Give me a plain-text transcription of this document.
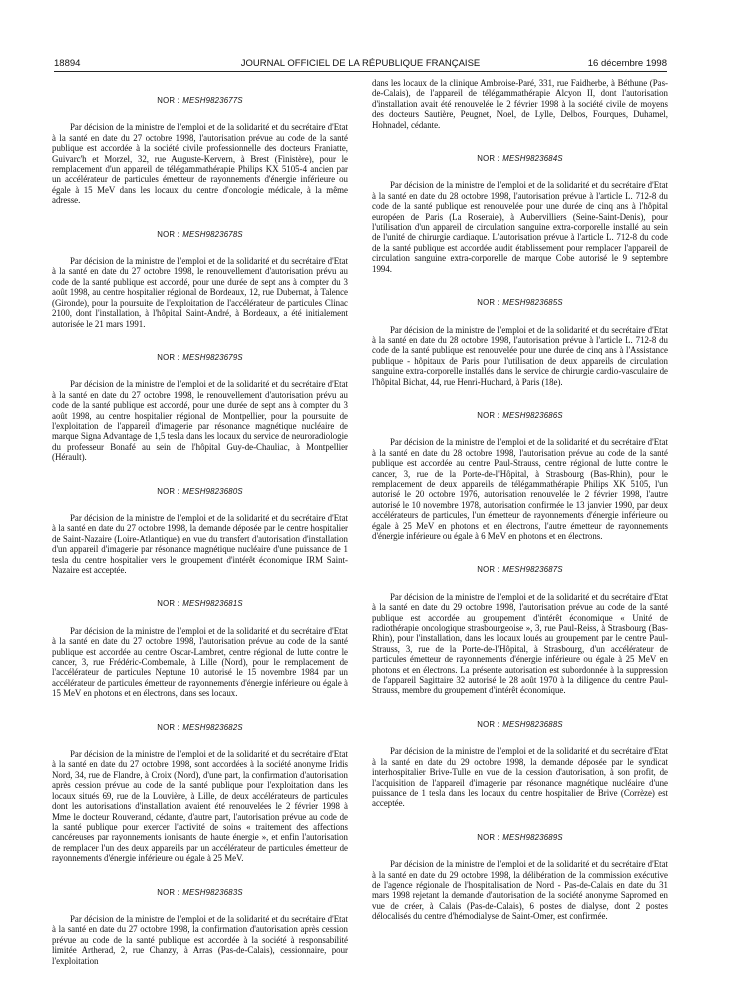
18894	JOURNAL OFFICIEL DE LA RÉPUBLIQUE FRANÇAISE	16 décembre 1998
NOR : MESH9823677S

Par décision de la ministre de l'emploi et de la solidarité et du secrétaire d'Etat à la santé en date du 27 octobre 1998, l'autorisation prévue au code de la santé publique est accordée à la société civile professionnelle des docteurs Franiatte, Guivarc'h et Morzel, 32, rue Auguste-Kervern, à Brest (Finistère), pour le remplacement d'un appareil de télégammathérapie Philips KX 5105-4 ancien par un accélérateur de particules émetteur de rayonnements d'énergie inférieure ou égale à 15 MeV dans les locaux du centre d'oncologie médicale, à la même adresse.

NOR : MESH9823678S

Par décision de la ministre de l'emploi et de la solidarité et du secrétaire d'Etat à la santé en date du 27 octobre 1998, le renouvellement d'autorisation prévu au code de la santé publique est accordé, pour une durée de sept ans à compter du 3 août 1998, au centre hospitalier régional de Bordeaux, 12, rue Dubernat, à Talence (Gironde), pour la poursuite de l'exploitation de l'accélérateur de particules Clinac 2100, dont l'installation, à l'hôpital Saint-André, à Bordeaux, a été initialement autorisée le 21 mars 1991.

NOR : MESH9823679S

Par décision de la ministre de l'emploi et de la solidarité et du secrétaire d'Etat à la santé en date du 27 octobre 1998, le renouvellement d'autorisation prévu au code de la santé publique est accordé, pour une durée de sept ans à compter du 3 août 1998, au centre hospitalier régional de Montpellier, pour la poursuite de l'exploitation de l'appareil d'imagerie par résonance magnétique nucléaire de marque Signa Advantage de 1,5 tesla dans les locaux du service de neuroradiologie du professeur Bonafé au sein de l'hôpital Guy-de-Chauliac, à Montpellier (Hérault).

NOR : MESH9823680S

Par décision de la ministre de l'emploi et de la solidarité et du secrétaire d'Etat à la santé en date du 27 octobre 1998, la demande déposée par le centre hospitalier de Saint-Nazaire (Loire-Atlantique) en vue du transfert d'autorisation d'installation d'un appareil d'imagerie par résonance magnétique nucléaire d'une puissance de 1 tesla du centre hospitalier vers le groupement d'intérêt économique IRM Saint-Nazaire est acceptée.

NOR : MESH9823681S

Par décision de la ministre de l'emploi et de la solidarité et du secrétaire d'Etat à la santé en date du 27 octobre 1998, l'autorisation prévue au code de la santé publique est accordée au centre Oscar-Lambret, centre régional de lutte contre le cancer, 3, rue Frédéric-Combemale, à Lille (Nord), pour le remplacement de l'accélérateur de particules Neptune 10 autorisé le 15 novembre 1984 par un accélérateur de particules émetteur de rayonnements d'énergie inférieure ou égale à 15 MeV en photons et en électrons, dans ses locaux.

NOR : MESH9823682S

Par décision de la ministre de l'emploi et de la solidarité et du secrétaire d'Etat à la santé en date du 27 octobre 1998, sont accordées à la société anonyme Iridis Nord, 34, rue de Flandre, à Croix (Nord), d'une part, la confirmation d'autorisation après cession prévue au code de la santé publique pour l'exploitation dans les locaux situés 69, rue de la Louvière, à Lille, de deux accélérateurs de particules dont les autorisations d'installation avaient été renouvelées le 2 février 1998 à Mme le docteur Rouverand, cédante, d'autre part, l'autorisation prévue au code de la santé publique pour exercer l'activité de soins « traitement des affections cancéreuses par rayonnements ionisants de haute énergie », et enfin l'autorisation de remplacer l'un des deux appareils par un accélérateur de particules émetteur de rayonnements d'énergie inférieure ou égale à 25 MeV.

NOR : MESH9823683S

Par décision de la ministre de l'emploi et de la solidarité et du secrétaire d'Etat à la santé en date du 27 octobre 1998, la confirmation d'autorisation après cession prévue au code de la santé publique est accordée à la société à responsabilité limitée Artherad, 2, rue Chanzy, à Arras (Pas-de-Calais), cessionnaire, pour l'exploitation

dans les locaux de la clinique Ambroise-Paré, 331, rue Faidherbe, à Béthune (Pas-de-Calais), de l'appareil de télégammathérapie Alcyon II, dont l'autorisation d'installation avait été renouvelée le 2 février 1998 à la société civile de moyens des docteurs Sautière, Peugnet, Noel, de Lylle, Delbos, Fourques, Duhamel, Hohnadel, cédante.

NOR : MESH9823684S

Par décision de la ministre de l'emploi et de la solidarité et du secrétaire d'Etat à la santé en date du 28 octobre 1998, l'autorisation prévue à l'article L. 712-8 du code de la santé publique est renouvelée pour une durée de cinq ans à l'hôpital européen de Paris (La Roseraie), à Aubervilliers (Seine-Saint-Denis), pour l'utilisation d'un appareil de circulation sanguine extra-corporelle installé au sein de l'unité de chirurgie cardiaque. L'autorisation prévue à l'article L. 712-8 du code de la santé publique est accordée audit établissement pour remplacer l'appareil de circulation sanguine extra-corporelle de marque Cobe autorisé le 9 septembre 1994.

NOR : MESH9823685S

Par décision de la ministre de l'emploi et de la solidarité et du secrétaire d'Etat à la santé en date du 28 octobre 1998, l'autorisation prévue à l'article L. 712-8 du code de la santé publique est renouvelée pour une durée de cinq ans à l'Assistance publique - hôpitaux de Paris pour l'utilisation de deux appareils de circulation sanguine extra-corporelle installés dans le service de chirurgie cardio-vasculaire de l'hôpital Bichat, 44, rue Henri-Huchard, à Paris (18e).

NOR : MESH9823686S

Par décision de la ministre de l'emploi et de la solidarité et du secrétaire d'Etat à la santé en date du 28 octobre 1998, l'autorisation prévue au code de la santé publique est accordée au centre Paul-Strauss, centre régional de lutte contre le cancer, 3, rue de la Porte-de-l'Hôpital, à Strasbourg (Bas-Rhin), pour le remplacement de deux appareils de télégammathérapie Philips XK 5105, l'un autorisé le 20 octobre 1976, autorisation renouvelée le 2 février 1998, l'autre autorisé le 10 novembre 1978, autorisation confirmée le 13 janvier 1990, par deux accélérateurs de particules, l'un émetteur de rayonnements d'énergie inférieure ou égale à 25 MeV en photons et en électrons, l'autre émetteur de rayonnements d'énergie inférieure ou égale à 6 MeV en photons et en électrons.

NOR : MESH9823687S

Par décision de la ministre de l'emploi et de la solidarité et du secrétaire d'Etat à la santé en date du 29 octobre 1998, l'autorisation prévue au code de la santé publique est accordée au groupement d'intérêt économique « Unité de radiothérapie oncologique strasbourgeoise », 3, rue Paul-Reiss, à Strasbourg (Bas-Rhin), pour l'installation, dans les locaux loués au groupement par le centre Paul-Strauss, 3, rue de la Porte-de-l'Hôpital, à Strasbourg, d'un accélérateur de particules émetteur de rayonnements d'énergie inférieure ou égale à 25 MeV en photons et en électrons. La présente autorisation est subordonnée à la suppression de l'appareil Sagittaire 32 autorisé le 28 août 1970 à la diligence du centre Paul-Strauss, membre du groupement d'intérêt économique.

NOR : MESH9823688S

Par décision de la ministre de l'emploi et de la solidarité et du secrétaire d'Etat à la santé en date du 29 octobre 1998, la demande déposée par le syndicat interhospitalier Brive-Tulle en vue de la cession d'autorisation, à son profit, de l'acquisition de l'appareil d'imagerie par résonance magnétique nucléaire d'une puissance de 1 tesla dans les locaux du centre hospitalier de Brive (Corrèze) est acceptée.

NOR : MESH9823689S

Par décision de la ministre de l'emploi et de la solidarité et du secrétaire d'Etat à la santé en date du 29 octobre 1998, la délibération de la commission exécutive de l'agence régionale de l'hospitalisation de Nord - Pas-de-Calais en date du 31 mars 1998 rejetant la demande d'autorisation de la société anonyme Sapromed en vue de créer, à Calais (Pas-de-Calais), 6 postes de dialyse, dont 2 postes délocalisés du centre d'hémodialyse de Saint-Omer, est confirmée.
